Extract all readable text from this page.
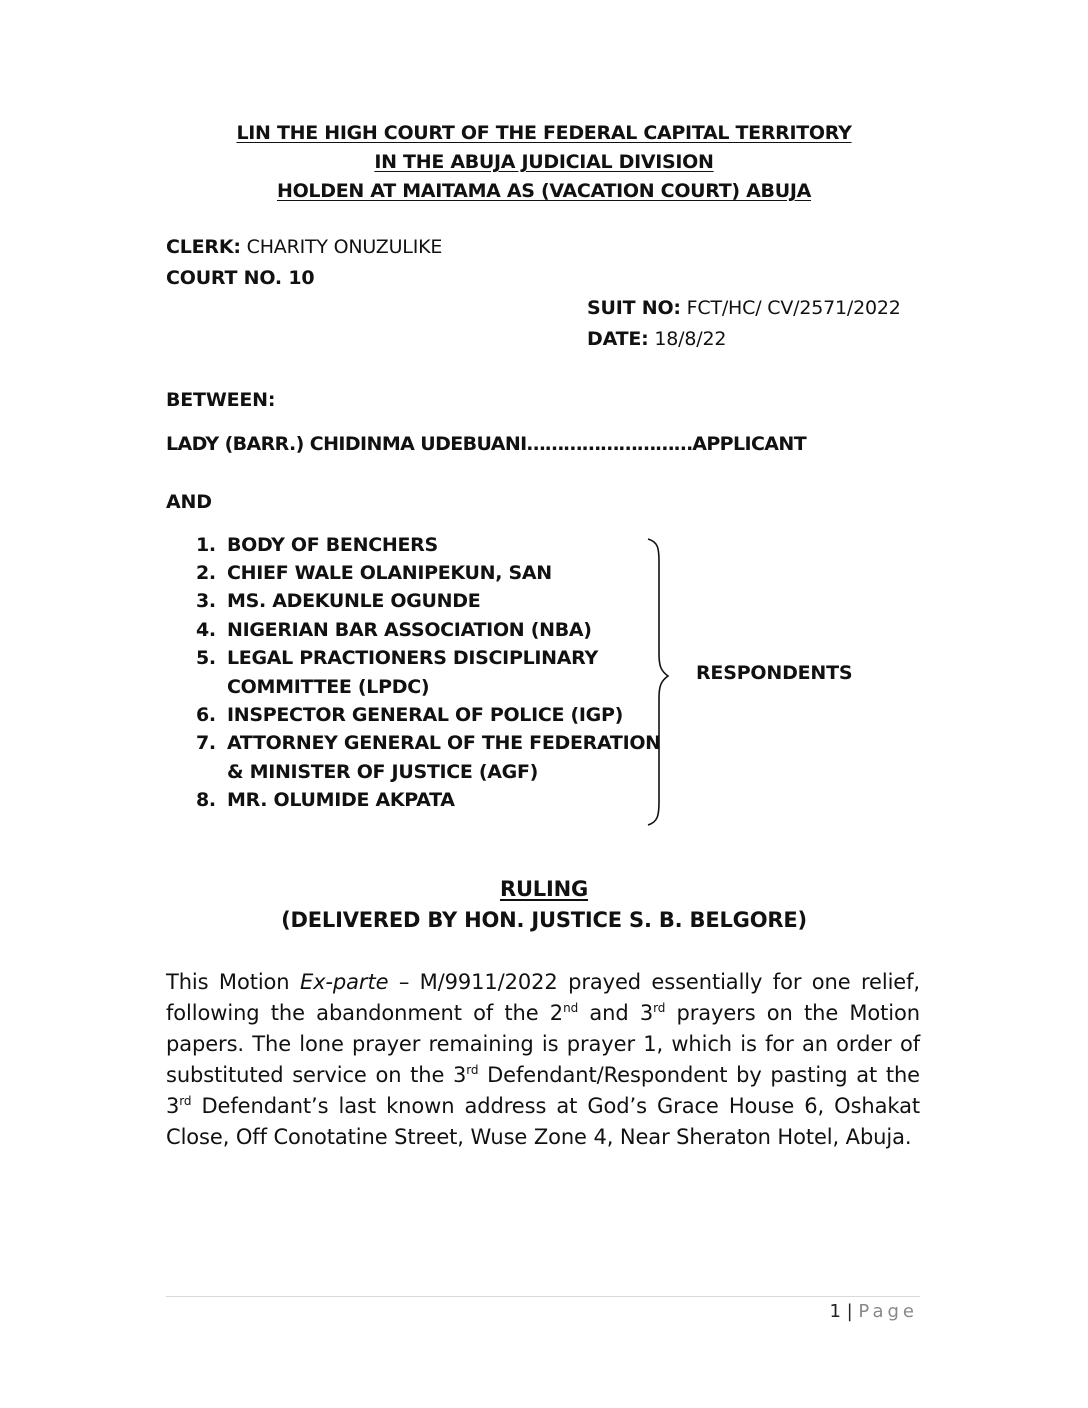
LIN THE HIGH COURT OF THE FEDERAL CAPITAL TERRITORY
IN THE ABUJA JUDICIAL DIVISION
HOLDEN AT MAITAMA AS (VACATION COURT) ABUJA
CLERK: CHARITY ONUZULIKE
COURT NO. 10
SUIT NO: FCT/HC/ CV/2571/2022
DATE: 18/8/22
BETWEEN:
LADY (BARR.) CHIDINMA UDEBUANI………………………APPLICANT
AND
1. BODY OF BENCHERS
2. CHIEF WALE OLANIPEKUN, SAN
3. MS. ADEKUNLE OGUNDE
4. NIGERIAN BAR ASSOCIATION (NBA)
5. LEGAL PRACTIONERS DISCIPLINARY
COMMITTEE (LPDC)
6. INSPECTOR GENERAL OF POLICE (IGP)
7. ATTORNEY GENERAL OF THE FEDERATION
& MINISTER OF JUSTICE (AGF)
8. MR. OLUMIDE AKPATA
RESPONDENTS
RULING
(DELIVERED BY HON. JUSTICE S. B. BELGORE)
This Motion Ex-parte – M/9911/2022 prayed essentially for one relief, following the abandonment of the 2nd and 3rd prayers on the Motion papers. The lone prayer remaining is prayer 1, which is for an order of substituted service on the 3rd Defendant/Respondent by pasting at the 3rd Defendant’s last known address at God’s Grace House 6, Oshakat Close, Off Conotatine Street, Wuse Zone 4, Near Sheraton Hotel, Abuja.
1 | Page
